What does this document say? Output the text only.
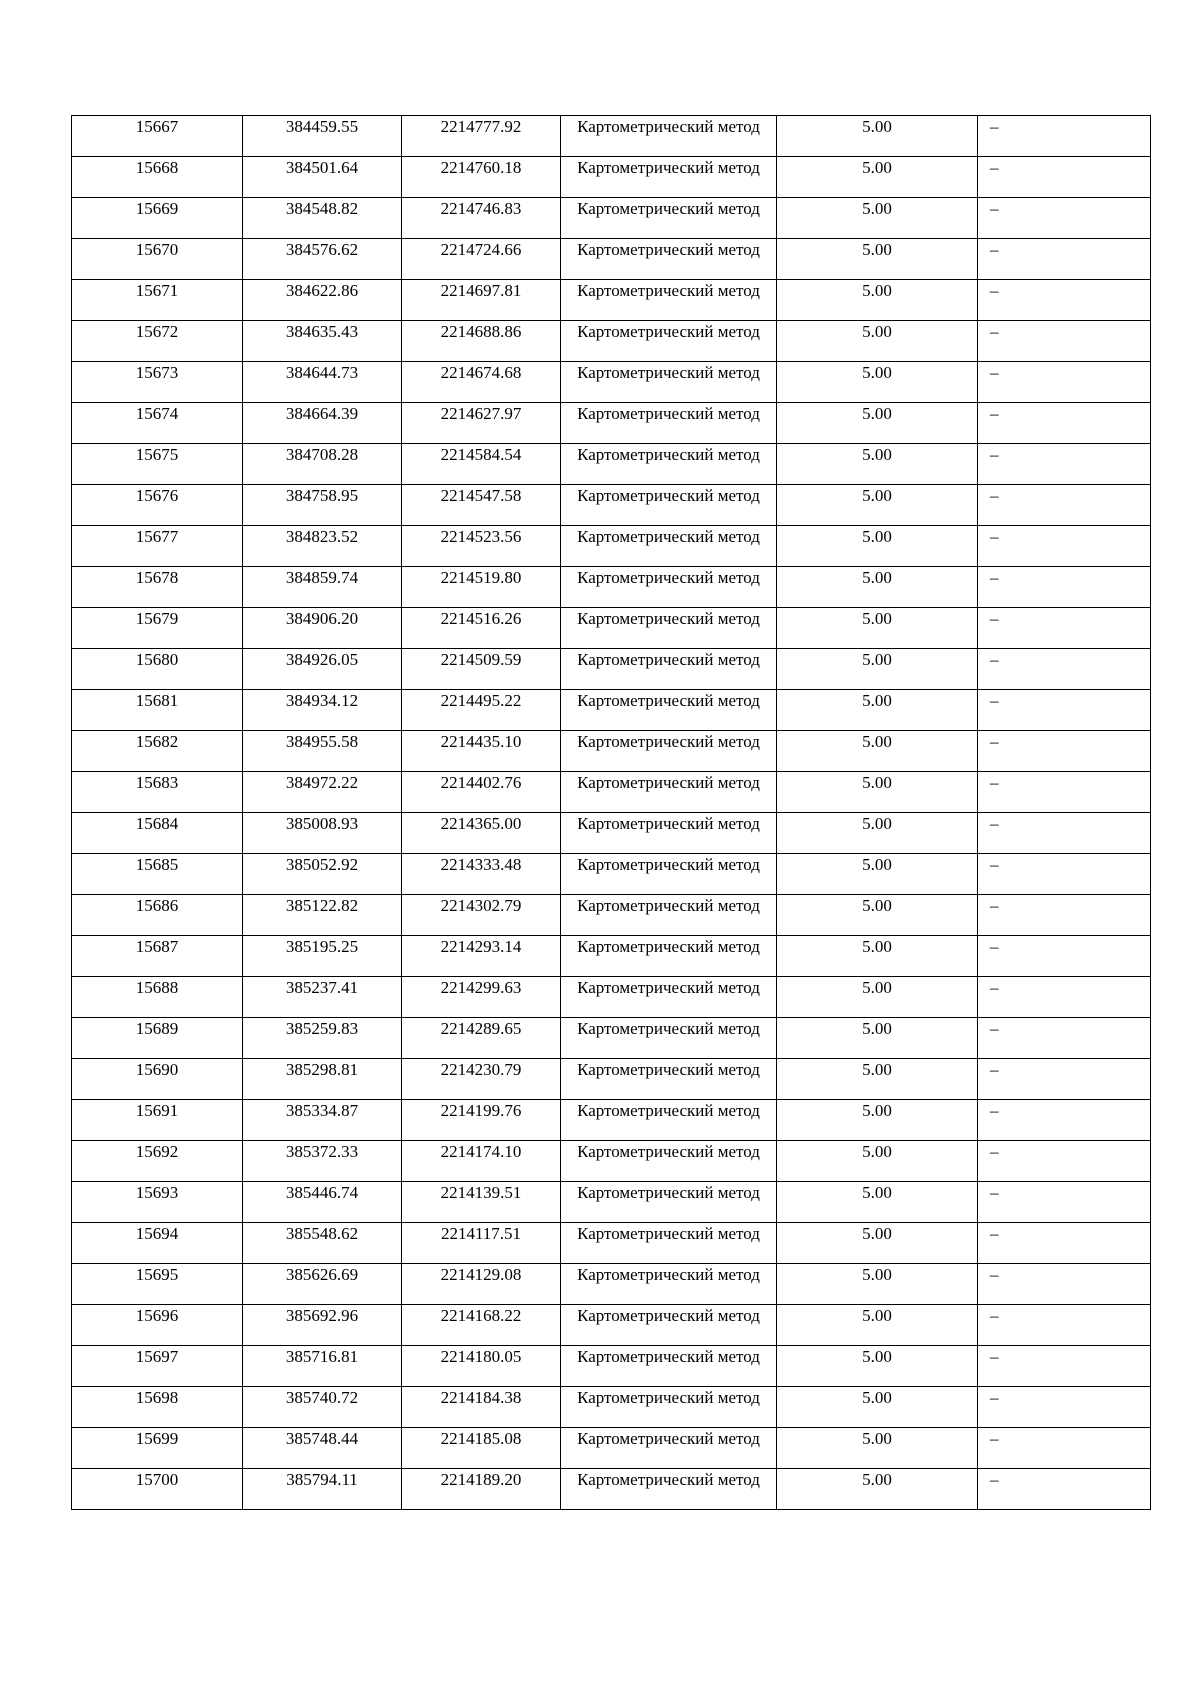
15667	384459.55	2214777.92	Картометрический метод	5.00	–

15668	384501.64	2214760.18	Картометрический метод	5.00	–

15669	384548.82	2214746.83	Картометрический метод	5.00	–

15670	384576.62	2214724.66	Картометрический метод	5.00	–

15671	384622.86	2214697.81	Картометрический метод	5.00	–

15672	384635.43	2214688.86	Картометрический метод	5.00	–

15673	384644.73	2214674.68	Картометрический метод	5.00	–

15674	384664.39	2214627.97	Картометрический метод	5.00	–

15675	384708.28	2214584.54	Картометрический метод	5.00	–

15676	384758.95	2214547.58	Картометрический метод	5.00	–

15677	384823.52	2214523.56	Картометрический метод	5.00	–

15678	384859.74	2214519.80	Картометрический метод	5.00	–

15679	384906.20	2214516.26	Картометрический метод	5.00	–

15680	384926.05	2214509.59	Картометрический метод	5.00	–

15681	384934.12	2214495.22	Картометрический метод	5.00	–

15682	384955.58	2214435.10	Картометрический метод	5.00	–

15683	384972.22	2214402.76	Картометрический метод	5.00	–

15684	385008.93	2214365.00	Картометрический метод	5.00	–

15685	385052.92	2214333.48	Картометрический метод	5.00	–

15686	385122.82	2214302.79	Картометрический метод	5.00	–

15687	385195.25	2214293.14	Картометрический метод	5.00	–

15688	385237.41	2214299.63	Картометрический метод	5.00	–

15689	385259.83	2214289.65	Картометрический метод	5.00	–

15690	385298.81	2214230.79	Картометрический метод	5.00	–

15691	385334.87	2214199.76	Картометрический метод	5.00	–

15692	385372.33	2214174.10	Картометрический метод	5.00	–

15693	385446.74	2214139.51	Картометрический метод	5.00	–

15694	385548.62	2214117.51	Картометрический метод	5.00	–

15695	385626.69	2214129.08	Картометрический метод	5.00	–

15696	385692.96	2214168.22	Картометрический метод	5.00	–

15697	385716.81	2214180.05	Картометрический метод	5.00	–

15698	385740.72	2214184.38	Картометрический метод	5.00	–

15699	385748.44	2214185.08	Картометрический метод	5.00	–

15700	385794.11	2214189.20	Картометрический метод	5.00	–
